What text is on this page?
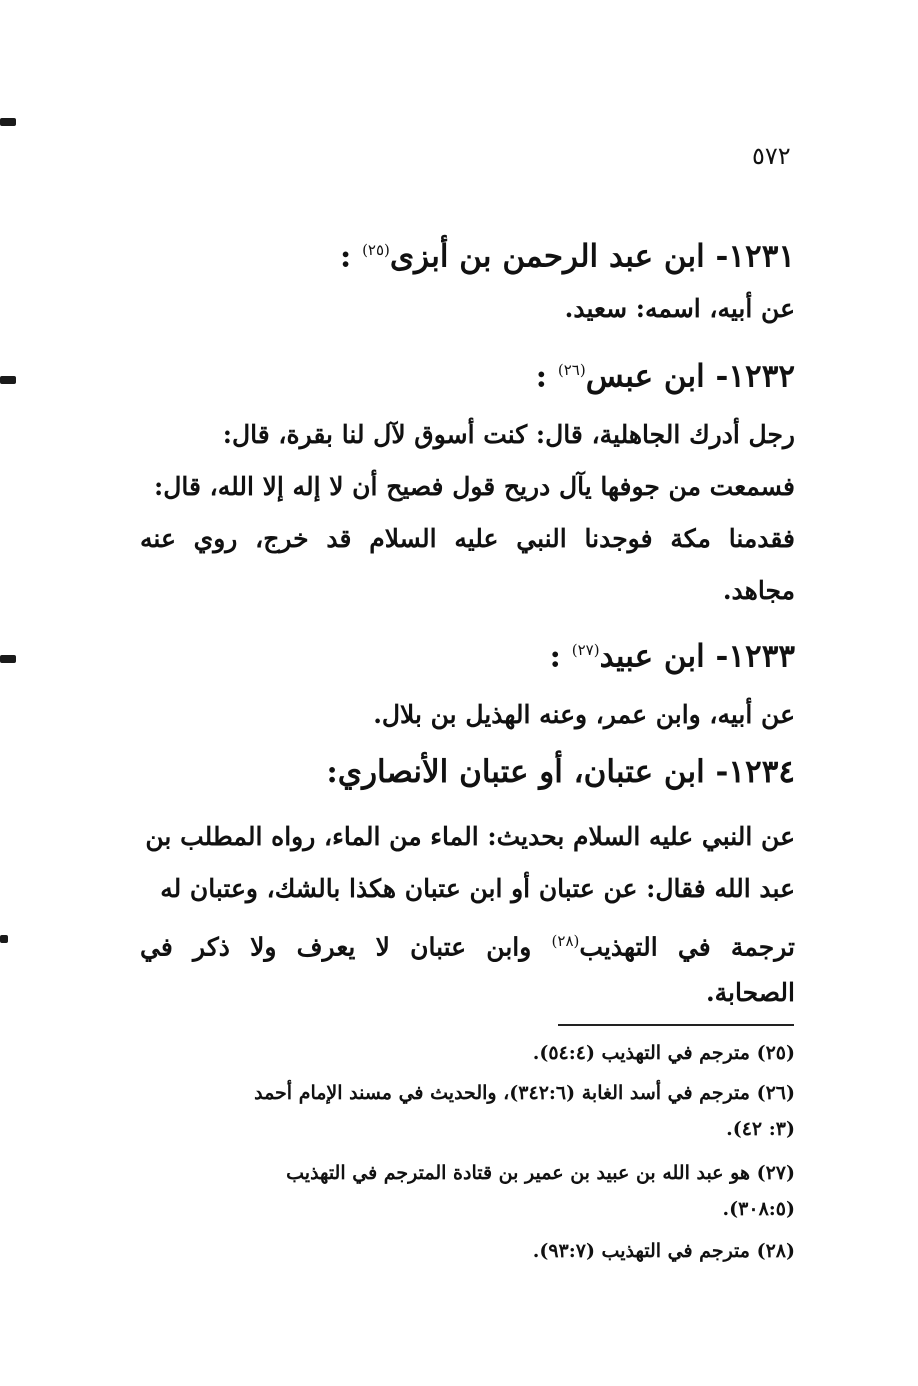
٥٧٢
١٢٣١- ابن عبد الرحمن بن أبزى$^{(٢٥)}$ :
عن أبيه، اسمه: سعيد.
١٢٣٢- ابن عبس$^{(٢٦)}$ :
رجل أدرك الجاهلية، قال: كنت أسوق لآل لنا بقرة، قال:
فسمعت من جوفها يآل دريح قول فصيح أن لا إله إلا الله، قال:
فقدمنا مكة فوجدنا النبي عليه السلام قد خرج، روي عنه
مجاهد.
١٢٣٣- ابن عبيد$^{(٢٧)}$ :
عن أبيه، وابن عمر، وعنه الهذيل بن بلال.
١٢٣٤- ابن عتبان، أو عتبان الأنصاري:
عن النبي عليه السلام بحديث: الماء من الماء، رواه المطلب بن
عبد الله فقال: عن عتبان أو ابن عتبان هكذا بالشك، وعتبان له
ترجمة في التهذيب$^{(٢٨)}$ وابن عتبان لا يعرف ولا ذكر في
الصحابة.
(٢٥) مترجم في التهذيب (٥٤:٤).
(٢٦) مترجم في أسد الغابة (٣٤٢:٦)، والحديث في مسند الإمام أحمد
(٣: ٤٢).
(٢٧) هو عبد الله بن عبيد بن عمير بن قتادة المترجم في التهذيب
(٣٠٨:٥).
(٢٨) مترجم في التهذيب (٩٣:٧).
